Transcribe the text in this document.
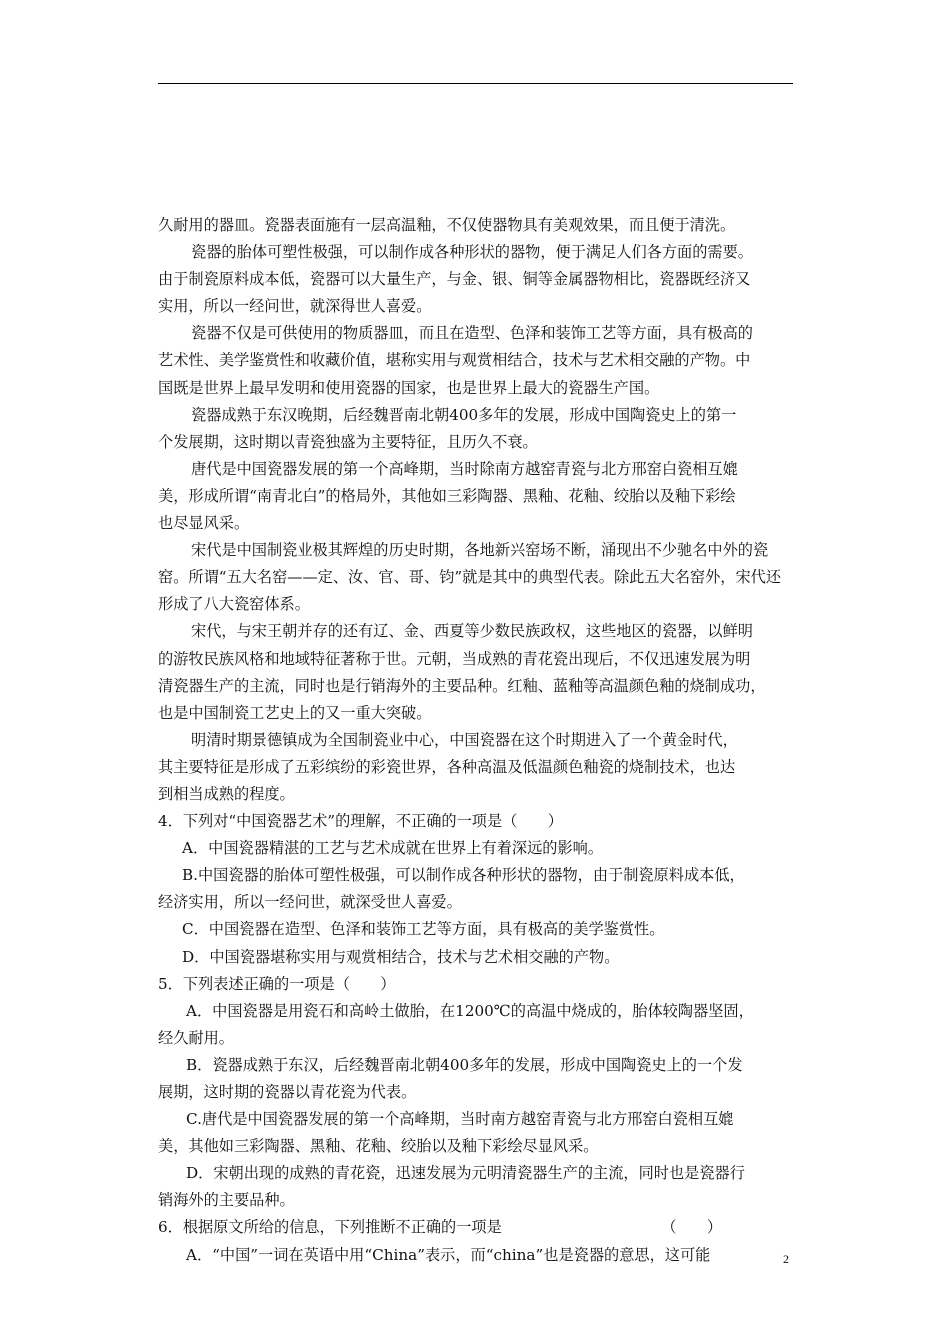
久耐用的器皿。瓷器表面施有一层高温釉，不仅使器物具有美观效果，而且便于清洗。
瓷器的胎体可塑性极强，可以制作成各种形状的器物，便于满足人们各方面的需要。
由于制瓷原料成本低，瓷器可以大量生产，与金、银、铜等金属器物相比，瓷器既经济又
实用，所以一经问世，就深得世人喜爱。
瓷器不仅是可供使用的物质器皿，而且在造型、色泽和装饰工艺等方面，具有极高的
艺术性、美学鉴赏性和收藏价值，堪称实用与观赏相结合，技术与艺术相交融的产物。中
国既是世界上最早发明和使用瓷器的国家，也是世界上最大的瓷器生产国。
瓷器成熟于东汉晚期，后经魏晋南北朝400多年的发展，形成中国陶瓷史上的第一
个发展期，这时期以青瓷独盛为主要特征，且历久不衰。
唐代是中国瓷器发展的第一个高峰期，当时除南方越窑青瓷与北方邢窑白瓷相互媲
美，形成所谓“南青北白”的格局外，其他如三彩陶器、黑釉、花釉、绞胎以及釉下彩绘
也尽显风采。
宋代是中国制瓷业极其辉煌的历史时期，各地新兴窑场不断，涌现出不少驰名中外的瓷
窑。所谓“五大名窑——定、汝、官、哥、钧”就是其中的典型代表。除此五大名窑外，宋代还
形成了八大瓷窑体系。
宋代，与宋王朝并存的还有辽、金、西夏等少数民族政权，这些地区的瓷器，以鲜明
的游牧民族风格和地域特征著称于世。元朝，当成熟的青花瓷出现后，不仅迅速发展为明
清瓷器生产的主流，同时也是行销海外的主要品种。红釉、蓝釉等高温颜色釉的烧制成功，
也是中国制瓷工艺史上的又一重大突破。
明清时期景德镇成为全国制瓷业中心，中国瓷器在这个时期进入了一个黄金时代，
其主要特征是形成了五彩缤纷的彩瓷世界，各种高温及低温颜色釉瓷的烧制技术，也达
到相当成熟的程度。
4．下列对“中国瓷器艺术”的理解，不正确的一项是（　　）
A．中国瓷器精湛的工艺与艺术成就在世界上有着深远的影响。
B.中国瓷器的胎体可塑性极强，可以制作成各种形状的器物，由于制瓷原料成本低，
经济实用，所以一经问世，就深受世人喜爱。
C．中国瓷器在造型、色泽和装饰工艺等方面，具有极高的美学鉴赏性。
D．中国瓷器堪称实用与观赏相结合，技术与艺术相交融的产物。
5．下列表述正确的一项是（　　）
A．中国瓷器是用瓷石和高岭土做胎，在1200℃的高温中烧成的，胎体较陶器坚固，
经久耐用。
B．瓷器成熟于东汉，后经魏晋南北朝400多年的发展，形成中国陶瓷史上的一个发
展期，这时期的瓷器以青花瓷为代表。
C.唐代是中国瓷器发展的第一个高峰期，当时南方越窑青瓷与北方邢窑白瓷相互媲
美，其他如三彩陶器、黑釉、花釉、绞胎以及釉下彩绘尽显风采。
D．宋朝出现的成熟的青花瓷，迅速发展为元明清瓷器生产的主流，同时也是瓷器行
销海外的主要品种。
6．根据原文所给的信息，下列推断不正确的一项是　　　　　　　　　　　（　　）
A．“中国”一词在英语中用“China”表示，而“china”也是瓷器的意思，这可能	2
